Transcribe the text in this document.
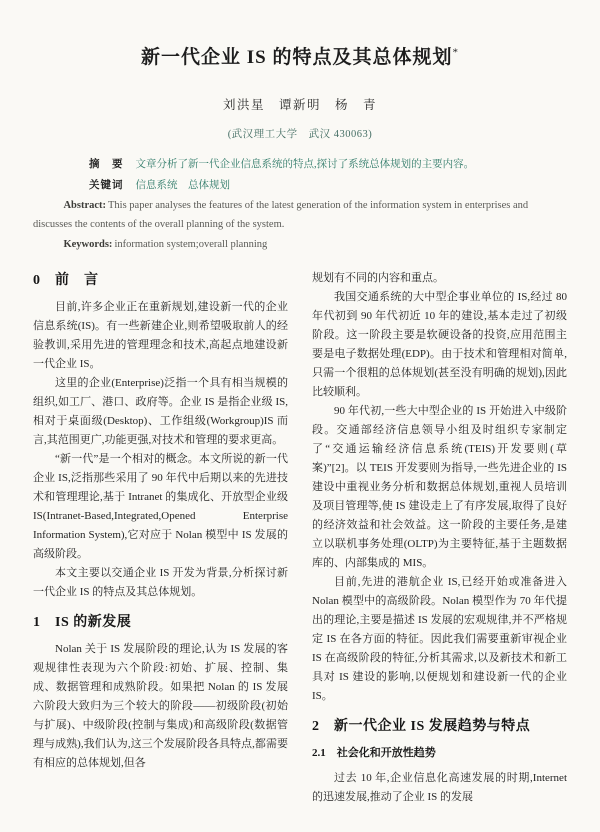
新一代企业 IS 的特点及其总体规划*
刘洪星　谭新明　杨　青
(武汉理工大学　武汉 430063)

摘　要 文章分析了新一代企业信息系统的特点,探讨了系统总体规划的主要内容。

关键词 信息系统　总体规划

Abstract: This paper analyses the features of the latest generation of the information system in enterprises and discusses the contents of the overall planning of the system.

Keywords: information system;overall planning

0　前　言

目前,许多企业正在重新规划,建设新一代的企业信息系统(IS)。有一些新建企业,则希望吸取前人的经验教训,采用先进的管理理念和技术,高起点地建设新一代企业 IS。

这里的企业(Enterprise)泛指一个具有相当规模的组织,如工厂、港口、政府等。企业 IS 是指企业级 IS,相对于桌面级(Desktop)、工作组级(Workgroup)IS 而言,其范围更广,功能更强,对技术和管理的要求更高。

“新一代”是一个相对的概念。本文所说的新一代企业 IS,泛指那些采用了 90 年代中后期以来的先进技术和管理理论,基于 Intranet 的集成化、开放型企业级 IS(Intranet-Based,Integrated,Opened Enterprise Information System),它对应于 Nolan 模型中 IS 发展的高级阶段。

本文主要以交通企业 IS 开发为背景,分析探讨新一代企业 IS 的特点及其总体规划。

1　IS 的新发展

Nolan 关于 IS 发展阶段的理论,认为 IS 发展的客观规律性表现为六个阶段:初始、扩展、控制、集成、数据管理和成熟阶段。如果把 Nolan 的 IS 发展六阶段大致归为三个较大的阶段——初级阶段(初始与扩展)、中级阶段(控制与集成)和高级阶段(数据管理与成熟),我们认为,这三个发展阶段各具特点,都需要有相应的总体规划,但各

规划有不同的内容和重点。

我国交通系统的大中型企事业单位的 IS,经过 80 年代初到 90 年代初近 10 年的建设,基本走过了初级阶段。这一阶段主要是软硬设备的投资,应用范围主要是电子数据处理(EDP)。由于技术和管理相对简单,只需一个很粗的总体规划(甚至没有明确的规划),因此比较顺利。

90 年代初,一些大中型企业的 IS 开始进入中级阶段。交通部经济信息领导小组及时组织专家制定了“交通运输经济信息系统(TEIS)开发要则(草案)”[2]。以 TEIS 开发要则为指导,一些先进企业的 IS 建设中重视业务分析和数据总体规划,重视人员培训及项目管理等,使 IS 建设走上了有序发展,取得了良好的经济效益和社会效益。这一阶段的主要任务,是建立以联机事务处理(OLTP)为主要特征,基于主题数据库的、内部集成的 MIS。

目前,先进的港航企业 IS,已经开始或准备进入 Nolan 模型中的高级阶段。Nolan 模型作为 70 年代提出的理论,主要是描述 IS 发展的宏观规律,并不严格规定 IS 在各方面的特征。因此我们需要重新审视企业 IS 在高级阶段的特征,分析其需求,以及新技术和新工具对 IS 建设的影响,以便规划和建设新一代的企业 IS。

2　新一代企业 IS 发展趋势与特点
2.1　社会化和开放性趋势

过去 10 年,企业信息化高速发展的时期,Internet 的迅速发展,推动了企业 IS 的发展
